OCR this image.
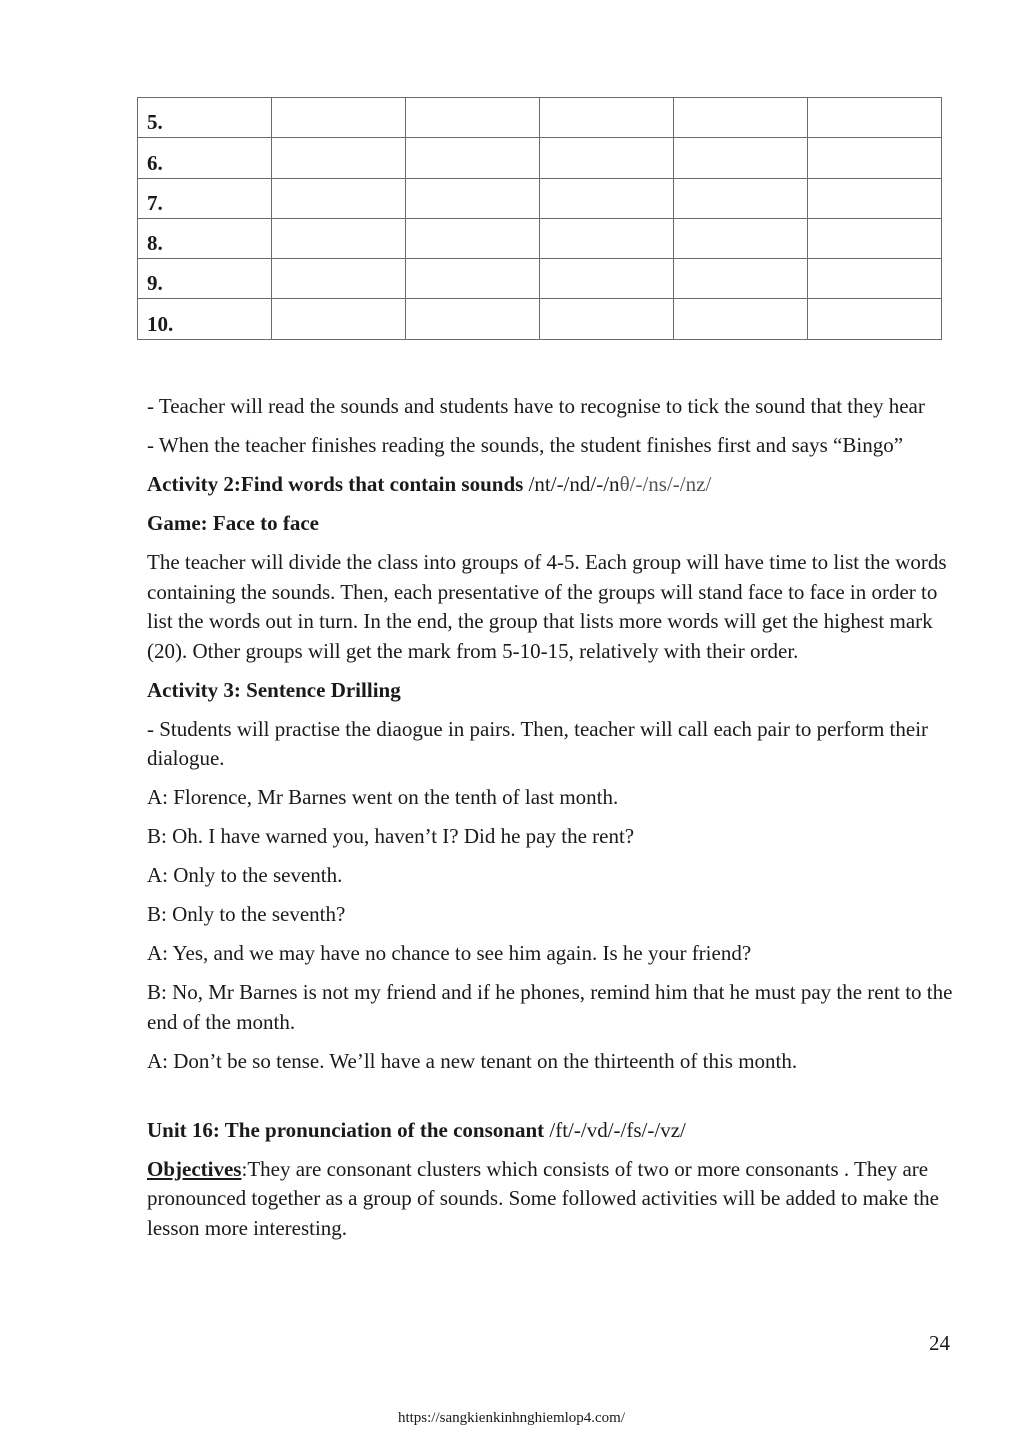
5.					
6.					
7.					
8.					
9.					
10.					

- Teacher will read the sounds and students have to recognise to tick the sound that they hear

- When the teacher finishes reading the sounds, the student finishes first and says “Bingo”

Activity 2:Find words that contain sounds /nt/-/nd/-/nθ/-/ns/-/nz/

Game: Face to face

The teacher will divide the class into groups of 4-5. Each group will have time to list the words containing the sounds. Then, each presentative of the groups will stand face to face in order to list the words out in turn. In the end, the group that lists more words will get the highest mark (20). Other groups will get the mark from 5-10-15, relatively with their order.

Activity 3: Sentence Drilling

- Students will practise the diaogue in pairs. Then, teacher will call each pair to perform their dialogue.

A: Florence, Mr Barnes went on the tenth of last month.

B: Oh. I have warned you, haven’t I? Did he pay the rent?

A: Only to the seventh.

B: Only to the seventh?

A: Yes, and we may have no chance to see him again. Is he your friend?

B: No, Mr Barnes is not my friend and if he phones, remind him that he must pay the rent to the end of the month.

A: Don’t be so tense. We’ll have a new tenant on the thirteenth of this month.

Unit 16: The pronunciation of the consonant /ft/-/vd/-/fs/-/vz/

Objectives:They are consonant clusters which consists of two or more consonants . They are pronounced together as a group of sounds. Some followed activities will be added to make the lesson more interesting.

24
https://sangkienkinhnghiemlop4.com/
